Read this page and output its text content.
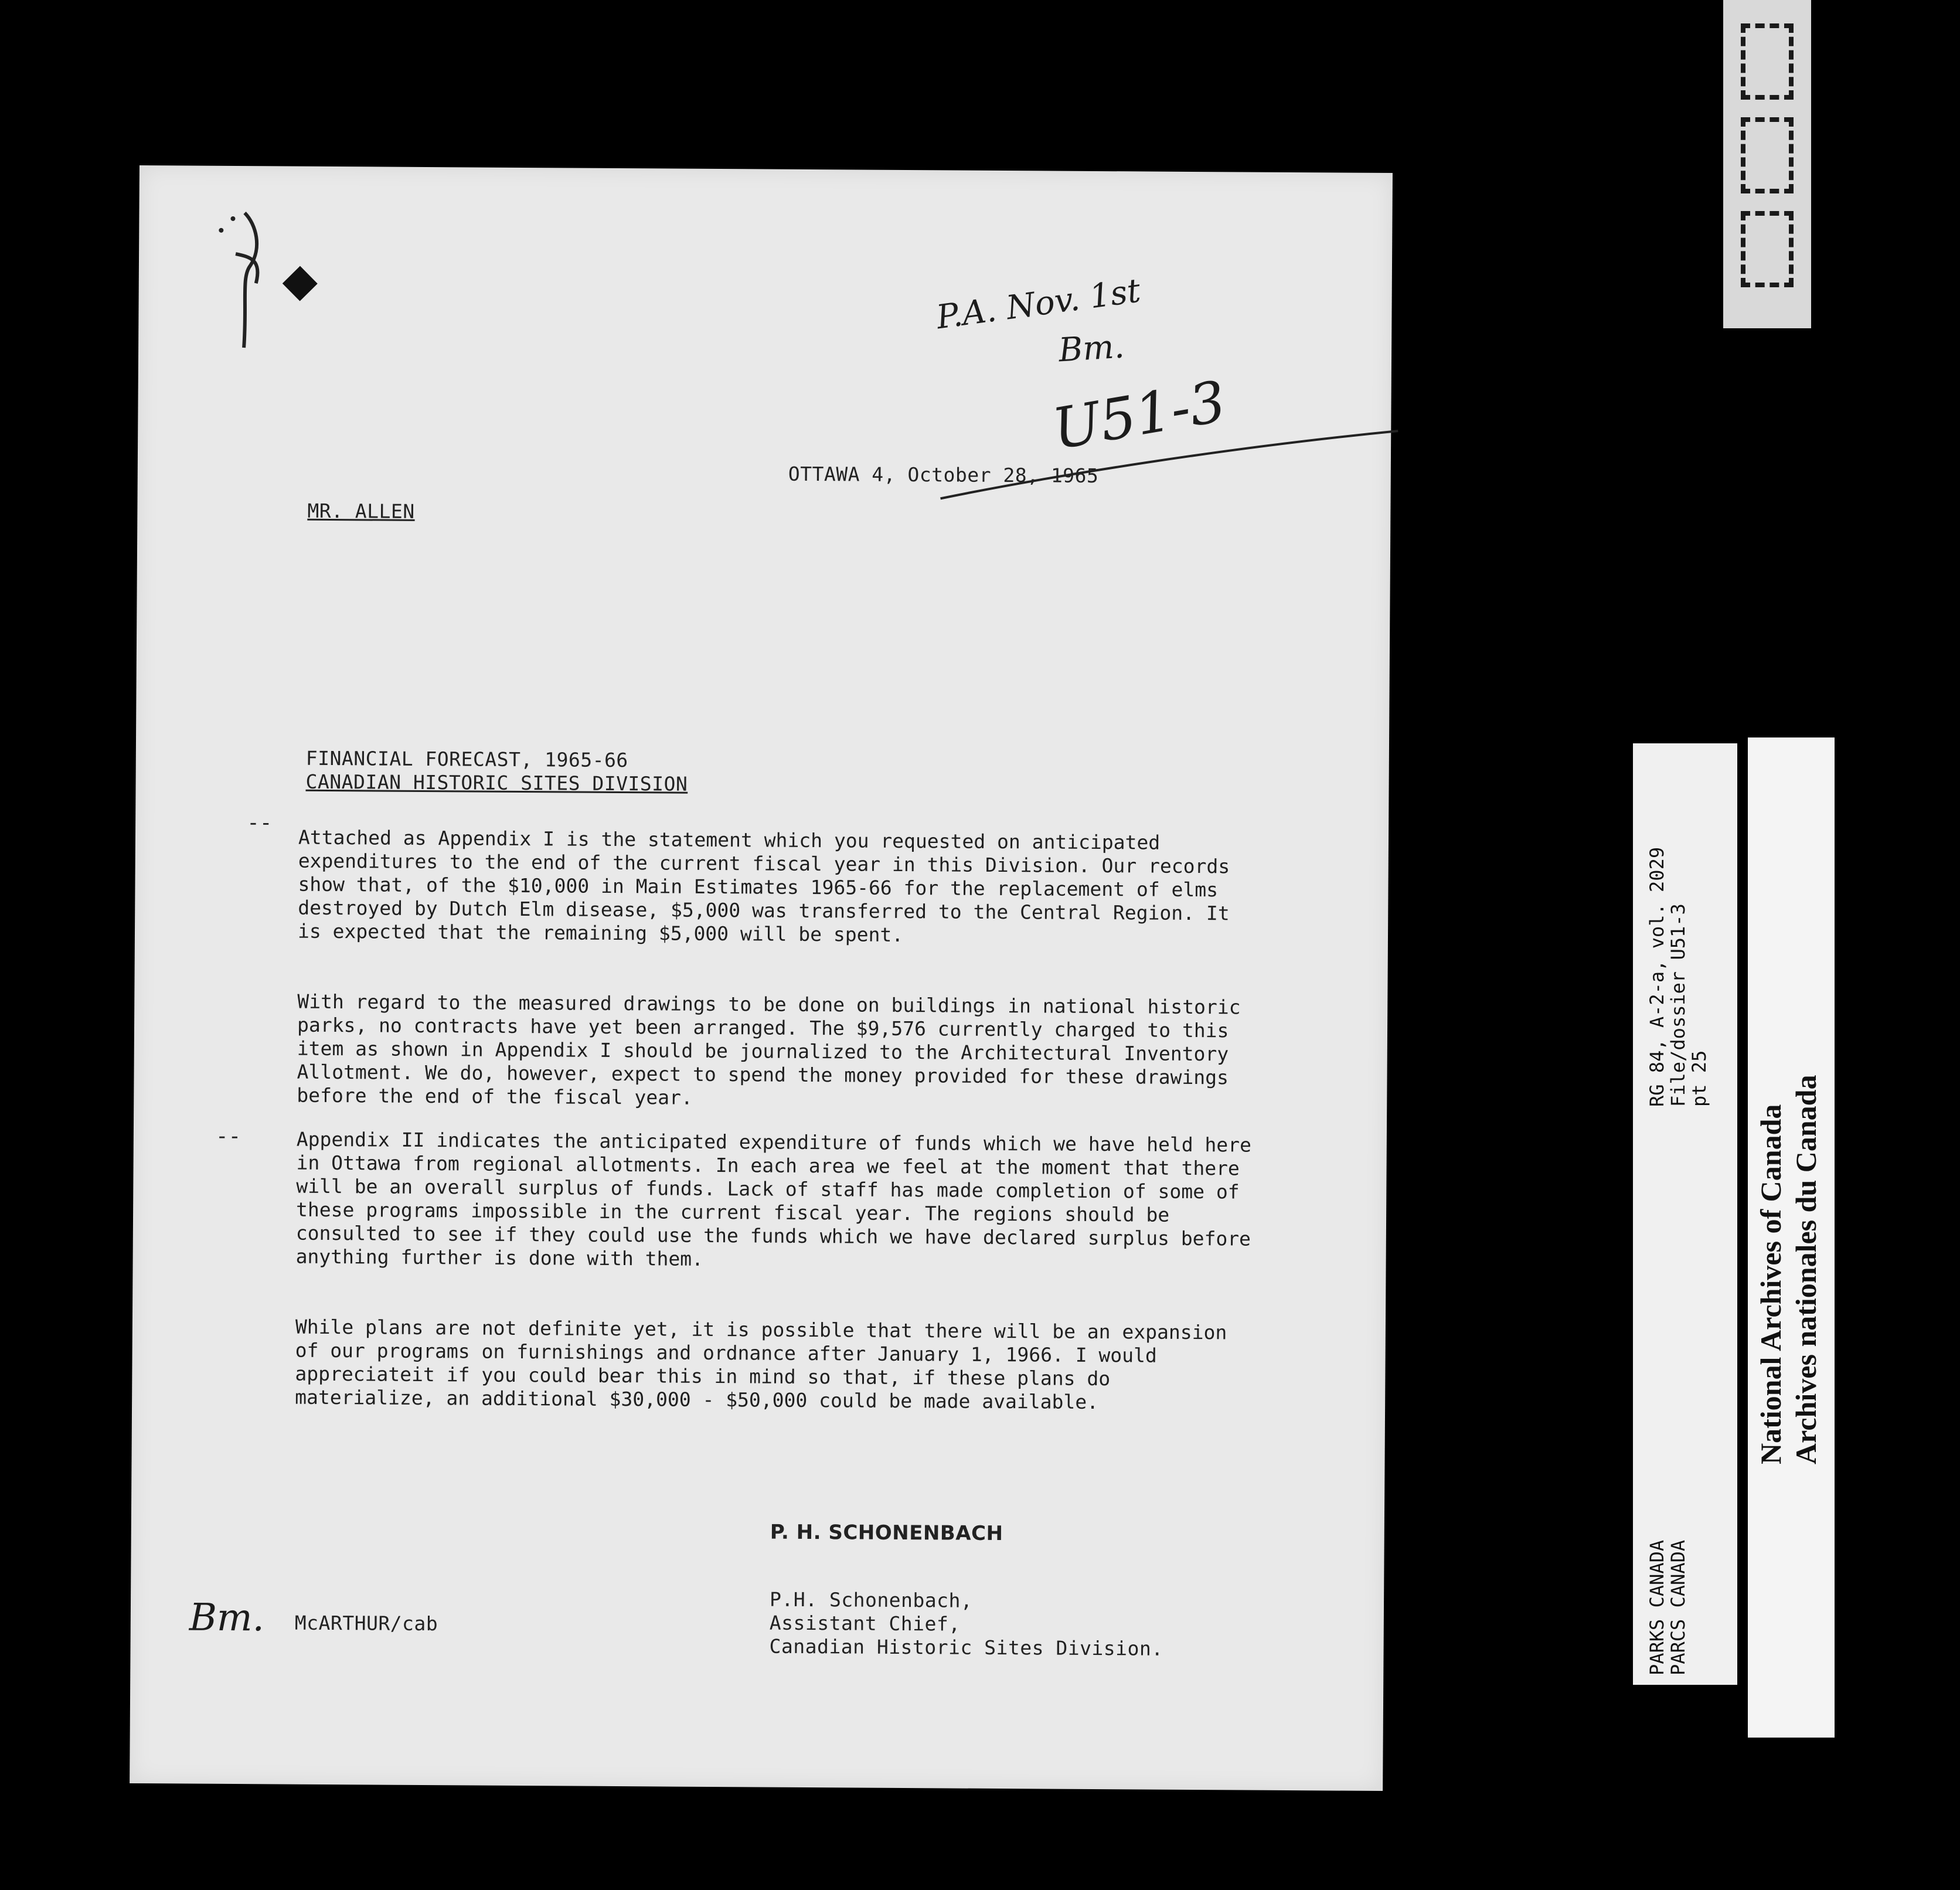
P.A. Nov. 1st
Bm.
U51-3
OTTAWA 4, October 28, 1965
MR. ALLEN
FINANCIAL FORECAST, 1965-66
CANADIAN HISTORIC SITES DIVISION
--
--

Attached as Appendix I is the statement which you requested on anticipated expenditures to the end of the current fiscal year in this Division. Our records show that, of the $10,000 in Main Estimates 1965-66 for the replacement of elms destroyed by Dutch Elm disease, $5,000 was transferred to the Central Region. It is expected that the remaining $5,000 will be spent.

With regard to the measured drawings to be done on buildings in national historic parks, no contracts have yet been arranged. The $9,576 currently charged to this item as shown in Appendix I should be journalized to the Architectural Inventory Allotment. We do, however, expect to spend the money provided for these drawings before the end of the fiscal year.

Appendix II indicates the anticipated expenditure of funds which we have held here in Ottawa from regional allotments. In each area we feel at the moment that there will be an overall surplus of funds. Lack of staff has made completion of some of these programs impossible in the current fiscal year. The regions should be consulted to see if they could use the funds which we have declared surplus before anything further is done with them.

While plans are not definite yet, it is possible that there will be an expansion of our programs on furnishings and ordnance after January 1, 1966. I would appreciateit if you could bear this in mind so that, if these plans do materialize, an additional $30,000 - $50,000 could be made available.

P. H. SCHONENBACH
P.H. Schonenbach,
Assistant Chief,
Canadian Historic Sites Division.
Bm. McARTHUR/cab
RG 84, A-2-a, vol. 2029
File/dossier U51-3
pt 25
PARKS CANADA
PARCS CANADA
National Archives of Canada Archives nationales du Canada
